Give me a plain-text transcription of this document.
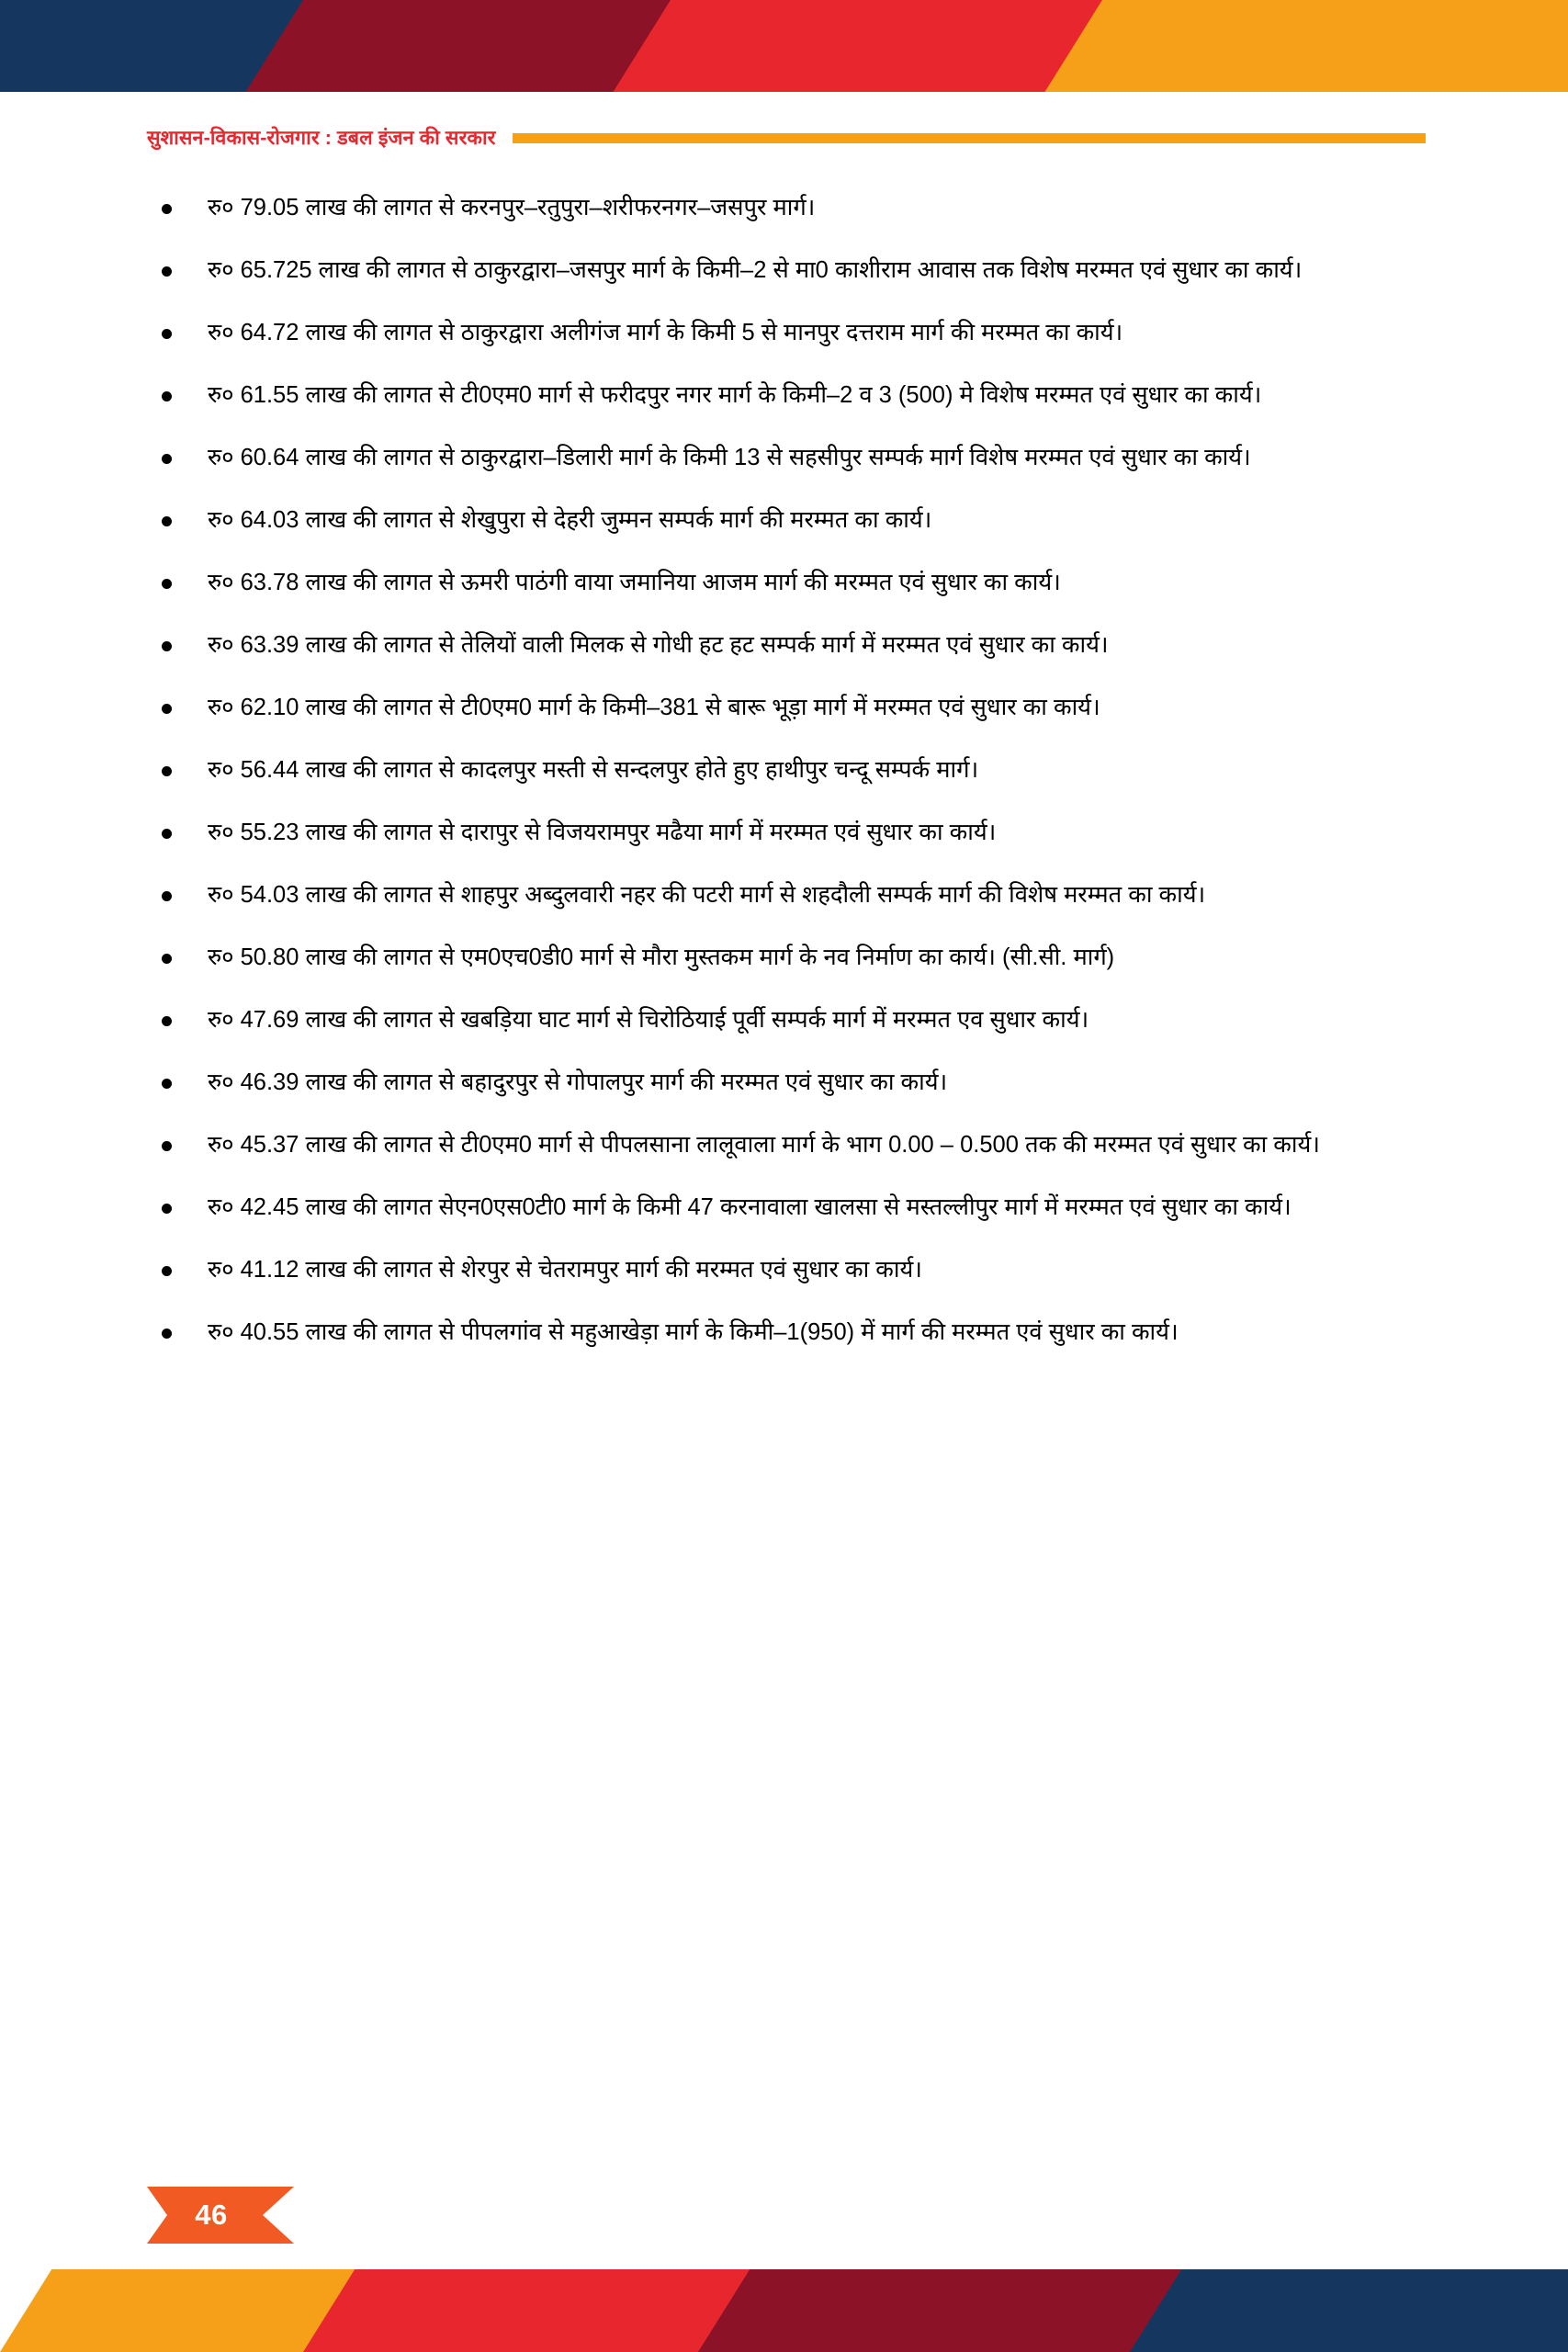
सुशासन-विकास-रोजगार : डबल इंजन की सरकार
रु० 79.05 लाख की लागत से करनपुर–रतुपुरा–शरीफरनगर–जसपुर मार्ग।
रु० 65.725 लाख की लागत से ठाकुरद्वारा–जसपुर मार्ग के किमी–2 से मा0 काशीराम आवास तक विशेष मरम्मत एवं सुधार का कार्य।
रु० 64.72 लाख की लागत से ठाकुरद्वारा अलीगंज मार्ग के किमी 5 से मानपुर दत्तराम मार्ग की मरम्मत का कार्य।
रु० 61.55 लाख की लागत से टी0एम0 मार्ग से फरीदपुर नगर मार्ग के किमी–2 व 3 (500) मे विशेष मरम्मत एवं सुधार का कार्य।
रु० 60.64 लाख की लागत से ठाकुरद्वारा–डिलारी मार्ग के किमी 13 से सहसीपुर सम्पर्क मार्ग विशेष मरम्मत एवं सुधार का कार्य।
रु० 64.03 लाख की लागत से शेखुपुरा से देहरी जुम्मन सम्पर्क मार्ग की मरम्मत का कार्य।
रु० 63.78 लाख की लागत से ऊमरी पाठंगी वाया जमानिया आजम मार्ग की मरम्मत एवं सुधार का कार्य।
रु० 63.39 लाख की लागत से तेलियों वाली मिलक से गोधी हट हट सम्पर्क मार्ग में मरम्मत एवं सुधार का कार्य।
रु० 62.10 लाख की लागत से टी0एम0 मार्ग के किमी–381 से बारू भूड़ा मार्ग में मरम्मत एवं सुधार का कार्य।
रु० 56.44 लाख की लागत से कादलपुर मस्ती से सन्दलपुर होते हुए हाथीपुर चन्दू सम्पर्क मार्ग।
रु० 55.23 लाख की लागत से दारापुर से विजयरामपुर मढैया मार्ग में मरम्मत एवं सुधार का कार्य।
रु० 54.03 लाख की लागत से शाहपुर अब्दुलवारी नहर की पटरी मार्ग से शहदौली सम्पर्क मार्ग की विशेष मरम्मत का कार्य।
रु० 50.80 लाख की लागत से एम0एच0डी0 मार्ग से मौरा मुस्तकम मार्ग के नव निर्माण का कार्य। (सी.सी. मार्ग)
रु० 47.69 लाख की लागत से खबड़िया घाट मार्ग से चिरोठियाई पूर्वी सम्पर्क मार्ग में मरम्मत एव सुधार कार्य।
रु० 46.39 लाख की लागत से बहादुरपुर से गोपालपुर मार्ग की मरम्मत एवं सुधार का कार्य।
रु० 45.37 लाख की लागत से टी0एम0 मार्ग से पीपलसाना लालूवाला मार्ग के भाग 0.00 – 0.500 तक की मरम्मत एवं सुधार का कार्य।
रु० 42.45 लाख की लागत सेएन0एस0टी0 मार्ग के किमी 47 करनावाला खालसा से मस्तल्लीपुर मार्ग में मरम्मत एवं सुधार का कार्य।
रु० 41.12 लाख की लागत से शेरपुर से चेतरामपुर मार्ग की मरम्मत एवं सुधार का कार्य।
रु० 40.55 लाख की लागत से पीपलगांव से महुआखेड़ा मार्ग के किमी–1(950) में मार्ग की मरम्मत एवं सुधार का कार्य।
46
